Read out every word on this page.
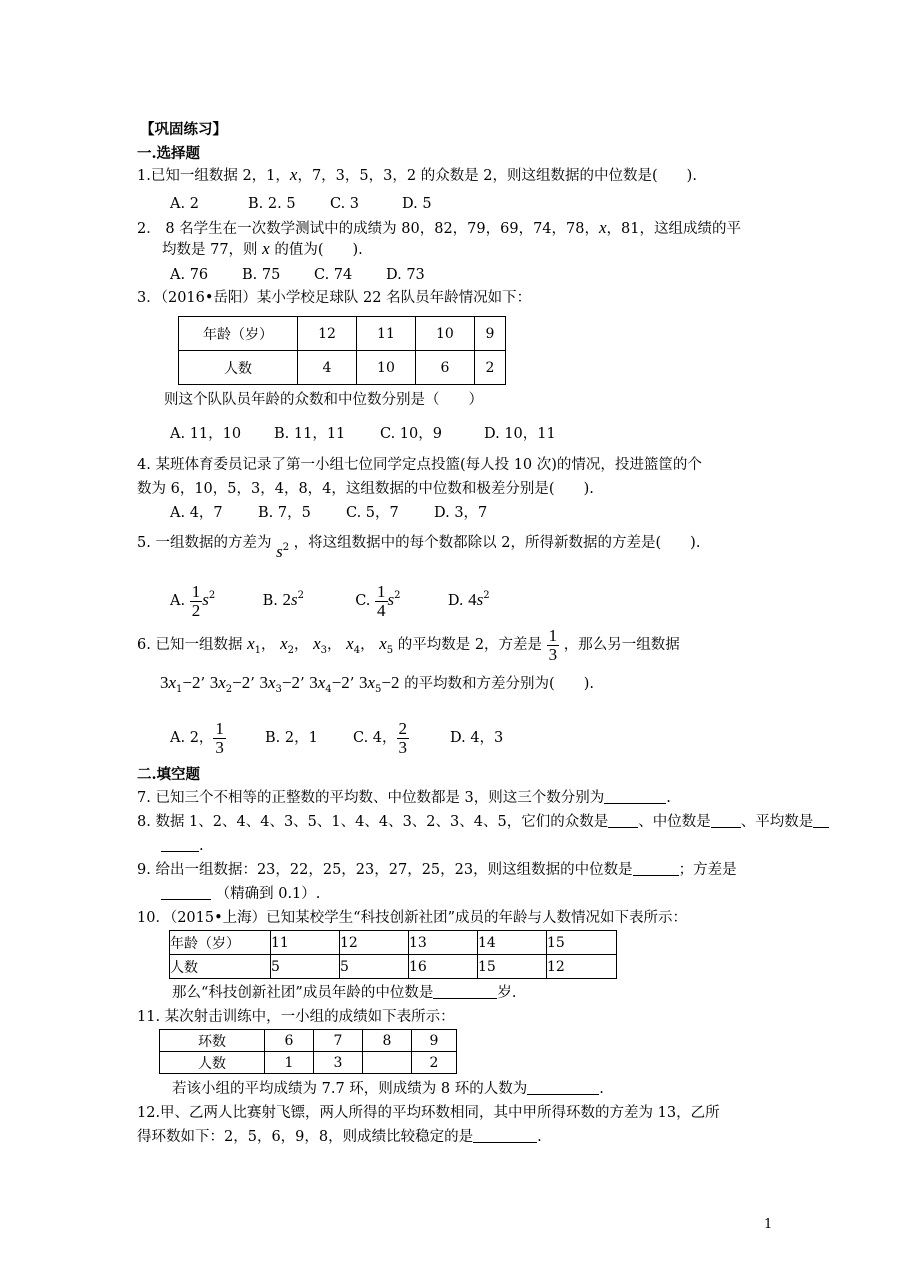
【巩固练习】
一.选择题
1.已知一组数据 2，1，x，7，3，5，3，2 的众数是 2，则这组数据的中位数是(　　).
A. 2	B. 2. 5 C. 3	D. 5
2． 8 名学生在一次数学测试中的成绩为 80，82，79，69，74，78，x，81，这组成绩的平
均数是 77，则 x 的值为(　　).
A. 76 B. 75 C. 74 D. 73
3．（2016•岳阳）某小学校足球队 22 名队员年龄情况如下：
年龄（岁）	12	11	10	9
人数	4	10	6	2
则这个队队员年龄的众数和中位数分别是（　　）
A. 11，10 B. 11，11 C. 10，9	D. 10，11
4. 某班体育委员记录了第一小组七位同学定点投篮(每人投 10 次)的情况，投进篮筐的个
数为 6，10，5，3，4，8，4，这组数据的中位数和极差分别是(　　).
A. 4，7 B. 7，5 C. 5，7 D. 3，7
5. 一组数据的方差为 $s^2$ ，将这组数据中的每个数都除以 2，所得新数据的方差是(　　).
A. $\frac{1}{2} s^2$	B. $2s^2$	C. $\frac{1}{4} s^2$	D. $4s^2$
6. 已知一组数据 $x_1$， $x_2$， $x_3$， $x_4$， $x_5$ 的平均数是 2，方差是 $\frac{1}{3}$ ，那么另一组数据
$3x_1-2$’ $3x_2-2$’ $3x_3-2$’ $3x_4-2$’ $3x_5-2$ 的平均数和方差分别为(　　).
A. 2， $\frac{1}{3}$	B. 2，1 C. 4， $\frac{2}{3}$	D. 4，3
二.填空题
7. 已知三个不相等的正整数的平均数、中位数都是 3，则这三个数分别为	.
8. 数据 1、2、4、4、3、5、1、4、4、3、2、3、4、5，它们的众数是 、中位数是 、平均数是
.
9. 给出一组数据：23，22，25，23，27，25，23，则这组数据的中位数是	；方差是
（精确到 0.1）.
10．（2015•上海）已知某校学生“科技创新社团”成员的年龄与人数情况如下表所示：
年龄（岁）	11	12	13	14	15
人数	5	5	16	15	12
那么“科技创新社团”成员年龄的中位数是	岁.
11. 某次射击训练中，一小组的成绩如下表所示：
环数	6	7	8	9
人数	1	3		2
若该小组的平均成绩为 7.7 环，则成绩为 8 环的人数为	.
12.甲、乙两人比赛射飞镖，两人所得的平均环数相同，其中甲所得环数的方差为 13，乙所
得环数如下：2，5，6，9，8，则成绩比较稳定的是	.
1
